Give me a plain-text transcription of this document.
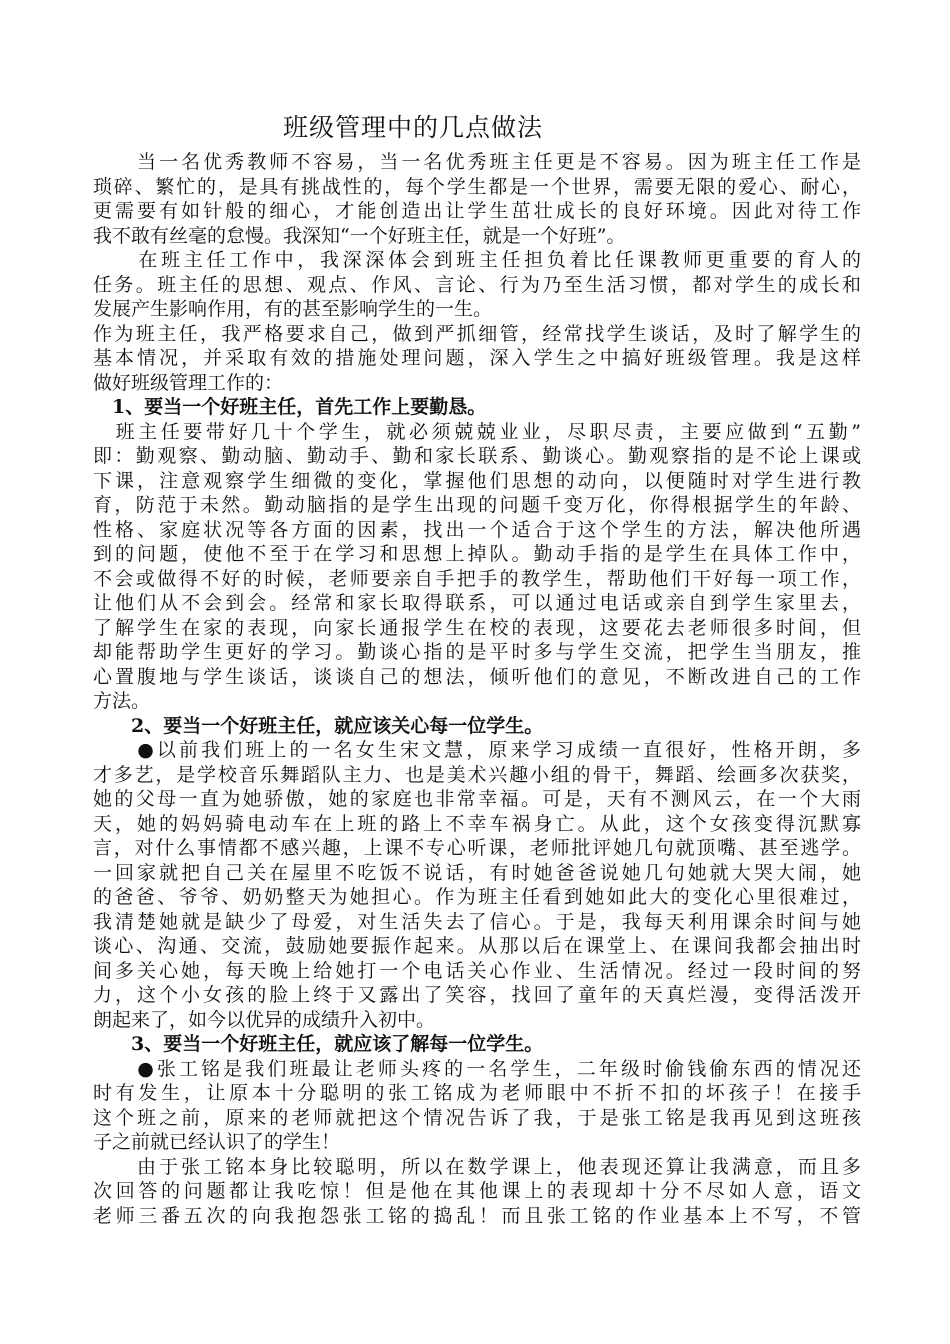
班级管理中的几点做法
　　当一名优秀教师不容易，当一名优秀班主任更是不容易。因为班主任工作是
琐碎、繁忙的，是具有挑战性的，每个学生都是一个世界，需要无限的爱心、耐心，
更需要有如针般的细心，才能创造出让学生茁壮成长的良好环境。因此对待工作
我不敢有丝毫的怠慢。我深知“一个好班主任，就是一个好班”。
　　在班主任工作中，我深深体会到班主任担负着比任课教师更重要的育人的
任务。班主任的思想、观点、作风、言论、行为乃至生活习惯，都对学生的成长和
发展产生影响作用，有的甚至影响学生的一生。
作为班主任，我严格要求自己，做到严抓细管，经常找学生谈话，及时了解学生的
基本情况，并采取有效的措施处理问题，深入学生之中搞好班级管理。我是这样
做好班级管理工作的：
　1、要当一个好班主任，首先工作上要勤恳。
　班主任要带好几十个学生，就必须兢兢业业，尽职尽责，主要应做到“五勤”
即：勤观察、勤动脑、勤动手、勤和家长联系、勤谈心。勤观察指的是不论上课或
下课，注意观察学生细微的变化，掌握他们思想的动向，以便随时对学生进行教
育，防范于未然。勤动脑指的是学生出现的问题千变万化，你得根据学生的年龄、
性格、家庭状况等各方面的因素，找出一个适合于这个学生的方法，解决他所遇
到的问题，使他不至于在学习和思想上掉队。勤动手指的是学生在具体工作中，
不会或做得不好的时候，老师要亲自手把手的教学生，帮助他们干好每一项工作，
让他们从不会到会。经常和家长取得联系，可以通过电话或亲自到学生家里去，
了解学生在家的表现，向家长通报学生在校的表现，这要花去老师很多时间，但
却能帮助学生更好的学习。勤谈心指的是平时多与学生交流，把学生当朋友，推
心置腹地与学生谈话，谈谈自己的想法，倾听他们的意见，不断改进自己的工作
方法。
　　2、要当一个好班主任，就应该关心每一位学生。
　　●以前我们班上的一名女生宋文慧，原来学习成绩一直很好，性格开朗，多
才多艺，是学校音乐舞蹈队主力、也是美术兴趣小组的骨干，舞蹈、绘画多次获奖，
她的父母一直为她骄傲，她的家庭也非常幸福。可是，天有不测风云，在一个大雨
天，她的妈妈骑电动车在上班的路上不幸车祸身亡。从此，这个女孩变得沉默寡
言，对什么事情都不感兴趣，上课不专心听课，老师批评她几句就顶嘴、甚至逃学。
一回家就把自己关在屋里不吃饭不说话，有时她爸爸说她几句她就大哭大闹，她
的爸爸、爷爷、奶奶整天为她担心。作为班主任看到她如此大的变化心里很难过，
我清楚她就是缺少了母爱，对生活失去了信心。于是，我每天利用课余时间与她
谈心、沟通、交流，鼓励她要振作起来。从那以后在课堂上、在课间我都会抽出时
间多关心她，每天晚上给她打一个电话关心作业、生活情况。经过一段时间的努
力，这个小女孩的脸上终于又露出了笑容，找回了童年的天真烂漫，变得活泼开
朗起来了，如今以优异的成绩升入初中。
　　3、要当一个好班主任，就应该了解每一位学生。
　　●张工铭是我们班最让老师头疼的一名学生，二年级时偷钱偷东西的情况还
时有发生，让原本十分聪明的张工铭成为老师眼中不折不扣的坏孩子！在接手
这个班之前，原来的老师就把这个情况告诉了我，于是张工铭是我再见到这班孩
子之前就已经认识了的学生！
　　由于张工铭本身比较聪明，所以在数学课上，他表现还算让我满意，而且多
次回答的问题都让我吃惊！但是他在其他课上的表现却十分不尽如人意，语文
老师三番五次的向我抱怨张工铭的捣乱！而且张工铭的作业基本上不写，不管
